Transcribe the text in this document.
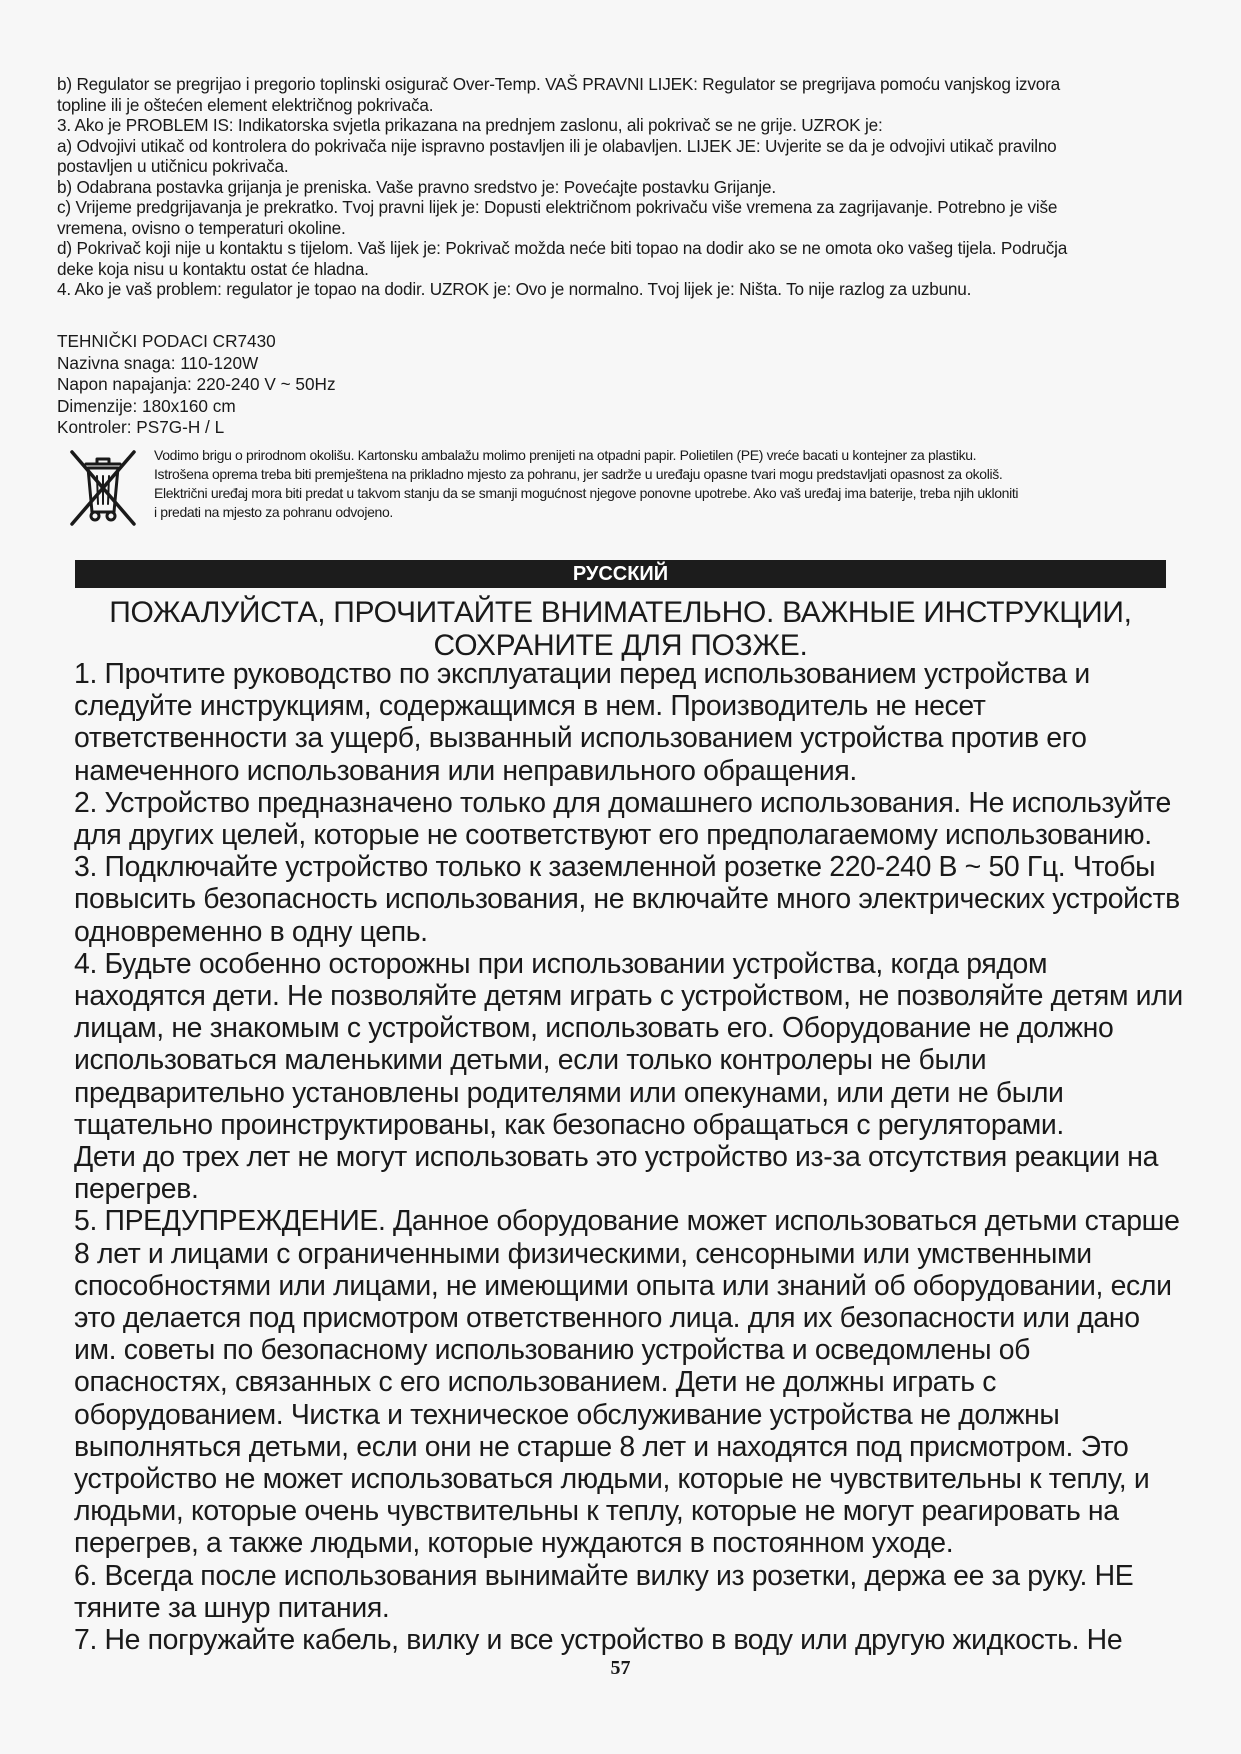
b) Regulator se pregrijao i pregorio toplinski osigurač Over-Temp. VAŠ PRAVNI LIJEK: Regulator se pregrijava pomoću vanjskog izvora
topline ili je oštećen element električnog pokrivača.
3. Ako je PROBLEM IS: Indikatorska svjetla prikazana na prednjem zaslonu, ali pokrivač se ne grije. UZROK je:
a) Odvojivi utikač od kontrolera do pokrivača nije ispravno postavljen ili je olabavljen. LIJEK JE: Uvjerite se da je odvojivi utikač pravilno
postavljen u utičnicu pokrivača.
b) Odabrana postavka grijanja je preniska. Vaše pravno sredstvo je: Povećajte postavku Grijanje.
c) Vrijeme predgrijavanja je prekratko. Tvoj pravni lijek je: Dopusti električnom pokrivaču više vremena za zagrijavanje. Potrebno je više
vremena, ovisno o temperaturi okoline.
d) Pokrivač koji nije u kontaktu s tijelom. Vaš lijek je: Pokrivač možda neće biti topao na dodir ako se ne omota oko vašeg tijela. Područja
deke koja nisu u kontaktu ostat će hladna.
4. Ako je vaš problem: regulator je topao na dodir. UZROK je: Ovo je normalno. Tvoj lijek je: Ništa. To nije razlog za uzbunu.
TEHNIČKI PODACI CR7430
Nazivna snaga: 110-120W
Napon napajanja: 220-240 V ~ 50Hz
Dimenzije: 180x160 cm
Kontroler: PS7G-H / L
Vodimo brigu o prirodnom okolišu. Kartonsku ambalažu molimo prenijeti na otpadni papir. Polietilen (PE) vreće bacati u kontejner za plastiku.
Istrošena oprema treba biti premještena na prikladno mjesto za pohranu, jer sadrže u uređaju opasne tvari mogu predstavljati opasnost za okoliš.
Električni uređaj mora biti predat u takvom stanju da se smanji mogućnost njegove ponovne upotrebe. Ako vaš uređaj ima baterije, treba njih ukloniti
i predati na mjesto za pohranu odvojeno.
РУССКИЙ
ПОЖАЛУЙСТА, ПРОЧИТАЙТЕ ВНИМАТЕЛЬНО. ВАЖНЫЕ ИНСТРУКЦИИ,
СОХРАНИТЕ ДЛЯ ПОЗЖЕ.
1. Прочтите руководство по эксплуатации перед использованием устройства и
следуйте инструкциям, содержащимся в нем. Производитель не несет
ответственности за ущерб, вызванный использованием устройства против его
намеченного использования или неправильного обращения.
2. Устройство предназначено только для домашнего использования. Не используйте
для других целей, которые не соответствуют его предполагаемому использованию.
3. Подключайте устройство только к заземленной розетке 220-240 В ~ 50 Гц. Чтобы
повысить безопасность использования, не включайте много электрических устройств
одновременно в одну цепь.
4. Будьте особенно осторожны при использовании устройства, когда рядом
находятся дети. Не позволяйте детям играть с устройством, не позволяйте детям или
лицам, не знакомым с устройством, использовать его. Оборудование не должно
использоваться маленькими детьми, если только контролеры не были
предварительно установлены родителями или опекунами, или дети не были
тщательно проинструктированы, как безопасно обращаться с регуляторами.
Дети до трех лет не могут использовать это устройство из-за отсутствия реакции на
перегрев.
5. ПРЕДУПРЕЖДЕНИЕ. Данное оборудование может использоваться детьми старше
8 лет и лицами с ограниченными физическими, сенсорными или умственными
способностями или лицами, не имеющими опыта или знаний об оборудовании, если
это делается под присмотром ответственного лица. для их безопасности или дано
им. советы по безопасному использованию устройства и осведомлены об
опасностях, связанных с его использованием. Дети не должны играть с
оборудованием. Чистка и техническое обслуживание устройства не должны
выполняться детьми, если они не старше 8 лет и находятся под присмотром. Это
устройство не может использоваться людьми, которые не чувствительны к теплу, и
людьми, которые очень чувствительны к теплу, которые не могут реагировать на
перегрев, а также людьми, которые нуждаются в постоянном уходе.
6. Всегда после использования вынимайте вилку из розетки, держа ее за руку. НЕ
тяните за шнур питания.
7. Не погружайте кабель, вилку и все устройство в воду или другую жидкость. Не
57
